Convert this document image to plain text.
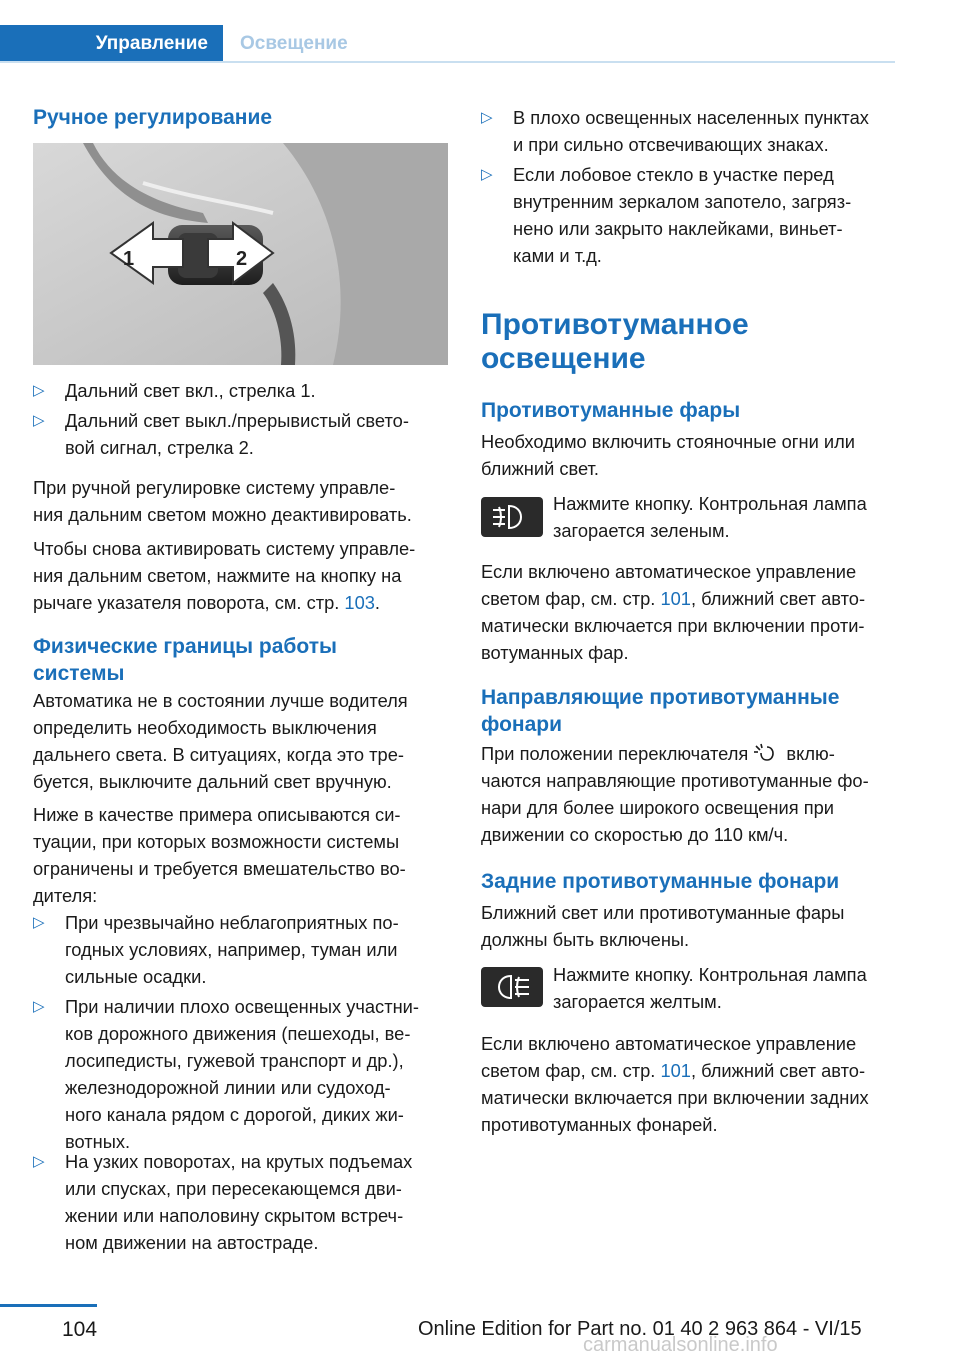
Управление Освещение
Ручное регулирование
1	2
▷ Дальний свет вкл., стрелка 1.
▷ Дальний свет выкл./прерывистый свето-
вой сигнал, стрелка 2.
При ручной регулировке систему управле-
ния дальним светом можно деактивировать.
Чтобы снова активировать систему управле-
ния дальним светом, нажмите на кнопку на
рычаге указателя поворота, см. стр. 103.
Физические границы работы
системы
Автоматика не в состоянии лучше водителя
определить необходимость выключения
дальнего света. В ситуациях, когда это тре-
буется, выключите дальний свет вручную.
Ниже в качестве примера описываются си-
туации, при которых возможности системы
ограничены и требуется вмешательство во-
дителя:
▷ При чрезвычайно неблагоприятных по-
годных условиях, например, туман или
сильные осадки.
▷ При наличии плохо освещенных участни-
ков дорожного движения (пешеходы, ве-
лосипедисты, гужевой транспорт и др.),
железнодорожной линии или судоход-
ного канала рядом с дорогой, диких жи-
вотных.
▷ На узких поворотах, на крутых подъемах
или спусках, при пересекающемся дви-
жении или наполовину скрытом встреч-
ном движении на автостраде.
▷ В плохо освещенных населенных пунктах
и при сильно отсвечивающих знаках.
▷ Если лобовое стекло в участке перед
внутренним зеркалом запотело, загряз-
нено или закрыто наклейками, виньет-
ками и т.д.
Противотуманное
освещение
Противотуманные фары
Необходимо включить стояночные огни или
ближний свет.
Нажмите кнопку. Контрольная лампа
загорается зеленым.
Если включено автоматическое управление
светом фар, см. стр. 101, ближний свет авто-
матически включается при включении проти-
вотуманных фар.
Направляющие противотуманные
фонари
При положении переключателя  вклю-
чаются направляющие противотуманные фо-
нари для более широкого освещения при
движении со скоростью до 110 км/ч.
Задние противотуманные фонари
Ближний свет или противотуманные фары
должны быть включены.
Нажмите кнопку. Контрольная лампа
загорается желтым.
Если включено автоматическое управление
светом фар, см. стр. 101, ближний свет авто-
матически включается при включении задних
противотуманных фонарей.
104	Online Edition for Part no. 01 40 2 963 864 - VI/15
carmanualsonline.info
